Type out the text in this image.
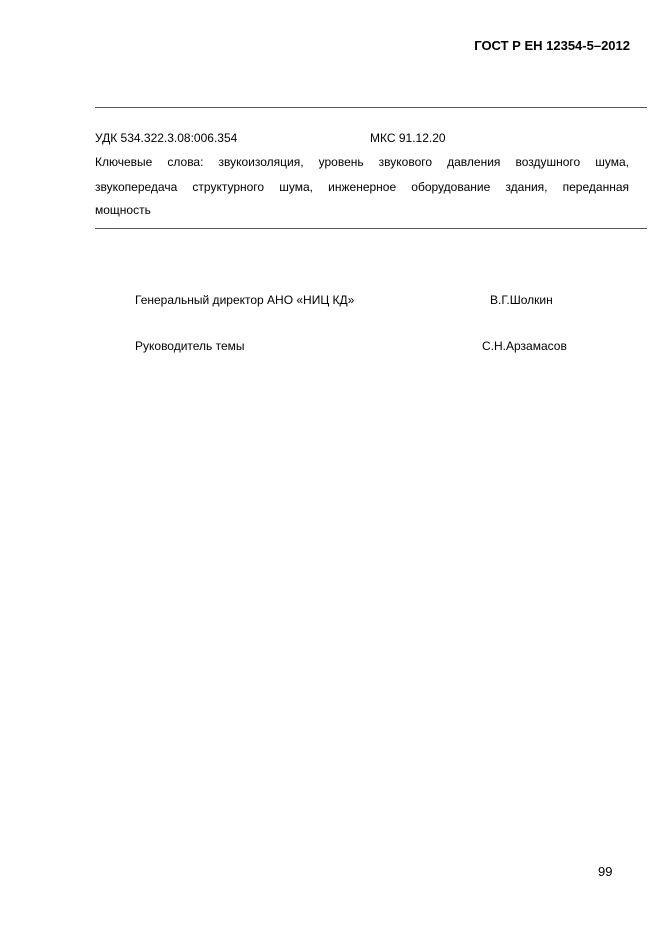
ГОСТ Р ЕН 12354-5–2012
УДК 534.322.3.08:006.354	МКС 91.12.20
Ключевые слова: звукоизоляция, уровень звукового давления воздушного шума,
звукопередача структурного шума, инженерное оборудование здания, переданная
мощность
Генеральный директор АНО «НИЦ КД»	В.Г.Шолкин
Руководитель темы	С.Н.Арзамасов
99
